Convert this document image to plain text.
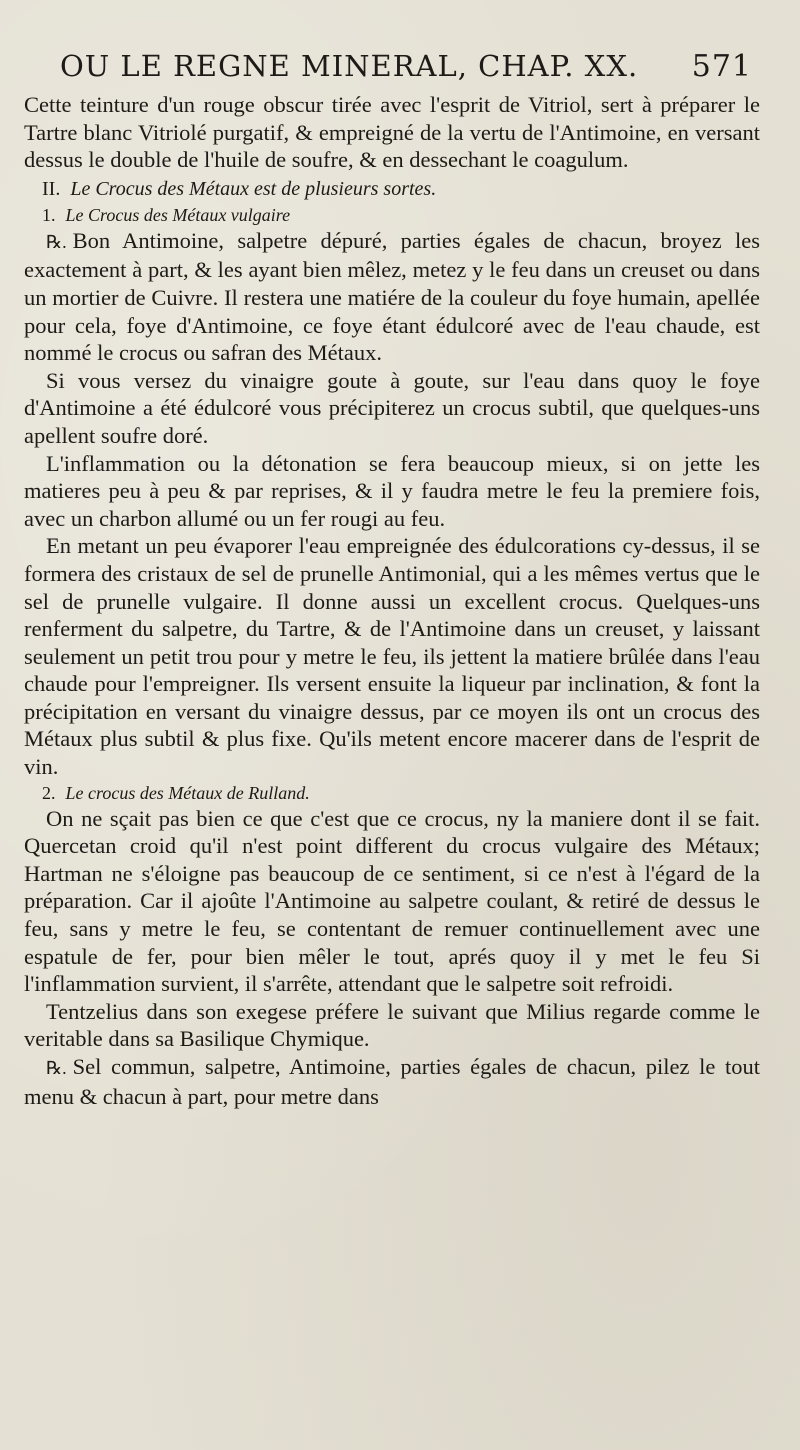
OU LE REGNE MINERAL, CHAP. XX. 571

Cette teinture d'un rouge obscur tirée avec l'esprit de Vitriol, sert à préparer le Tartre blanc Vitriolé purgatif, & empreigné de la vertu de l'Antimoine, en versant dessus le double de l'huile de soufre, & en dessechant le coagulum.

II. Le Crocus des Métaux est de plusieurs sortes.
1. Le Crocus des Métaux vulgaire

℞. Bon Antimoine, salpetre dépuré, parties égales de chacun, broyez les exactement à part, & les ayant bien mêlez, metez y le feu dans un creuset ou dans un mortier de Cuivre. Il restera une matiére de la couleur du foye humain, apellée pour cela, foye d'Antimoine, ce foye étant édulcoré avec de l'eau chaude, est nommé le crocus ou safran des Métaux.

Si vous versez du vinaigre goute à goute, sur l'eau dans quoy le foye d'Antimoine a été édulcoré vous précipiterez un crocus subtil, que quelques-uns apellent soufre doré.

L'inflammation ou la détonation se fera beaucoup mieux, si on jette les matieres peu à peu & par reprises, & il y faudra metre le feu la premiere fois, avec un charbon allumé ou un fer rougi au feu.

En metant un peu évaporer l'eau empreignée des édulcorations cy-dessus, il se formera des cristaux de sel de prunelle Antimonial, qui a les mêmes vertus que le sel de prunelle vulgaire. Il donne aussi un excellent crocus. Quelques-uns renferment du salpetre, du Tartre, & de l'Antimoine dans un creuset, y laissant seulement un petit trou pour y metre le feu, ils jettent la matiere brûlée dans l'eau chaude pour l'empreigner. Ils versent ensuite la liqueur par inclination, & font la précipitation en versant du vinaigre dessus, par ce moyen ils ont un crocus des Métaux plus subtil & plus fixe. Qu'ils metent encore macerer dans de l'esprit de vin.

2. Le crocus des Métaux de Rulland.

On ne sçait pas bien ce que c'est que ce crocus, ny la maniere dont il se fait. Quercetan croid qu'il n'est point different du crocus vulgaire des Métaux; Hartman ne s'éloigne pas beaucoup de ce sentiment, si ce n'est à l'égard de la préparation. Car il ajoûte l'Antimoine au salpetre coulant, & retiré de dessus le feu, sans y metre le feu, se contentant de remuer continuellement avec une espatule de fer, pour bien mêler le tout, aprés quoy il y met le feu Si l'inflammation survient, il s'arrête, attendant que le salpetre soit refroidi.

Tentzelius dans son exegese préfere le suivant que Milius regarde comme le veritable dans sa Basilique Chymique.

℞. Sel commun, salpetre, Antimoine, parties égales de chacun, pilez le tout menu & chacun à part, pour metre dans
